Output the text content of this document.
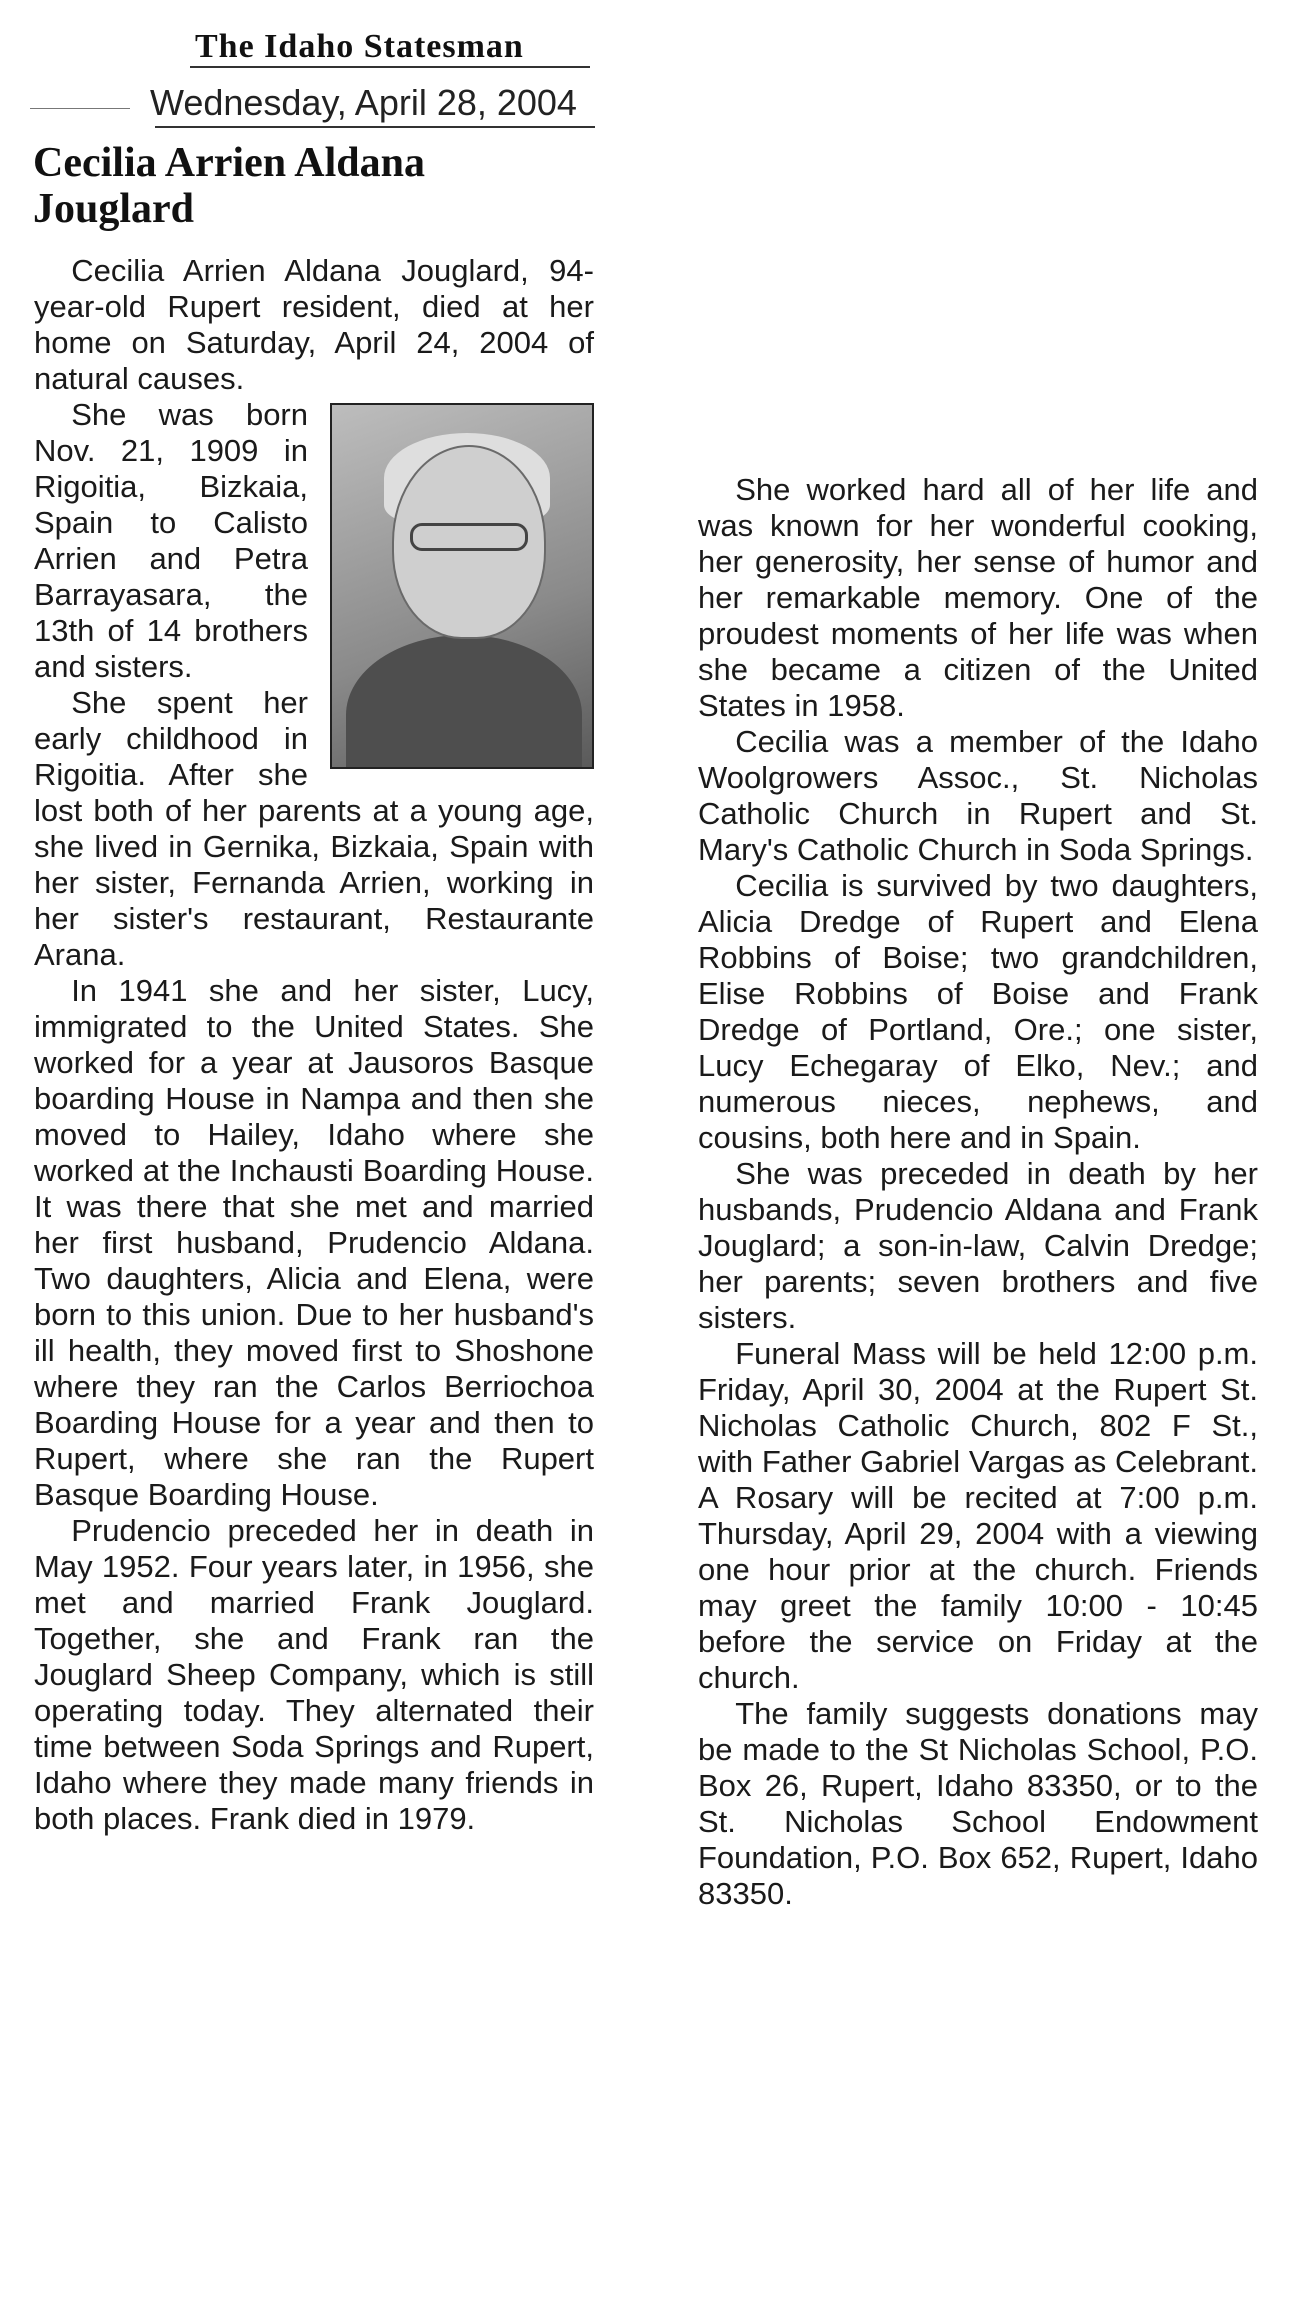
The Idaho Statesman
Wednesday, April 28, 2004
Cecilia Arrien Aldana
Jouglard

Cecilia Arrien Aldana Jouglard, 94-year-old Rupert resident, died at her home on Saturday, April 24, 2004 of natural causes.

She was born Nov. 21, 1909 in Rigoitia, Bizkaia, Spain to Calisto Arrien and Petra Barrayasara, the 13th of 14 brothers and sisters.

She spent her early childhood in Rigoitia. After she lost both of her parents at a young age, she lived in Gernika, Bizkaia, Spain with her sister, Fernanda Arrien, working in her sister's restaurant, Restaurante Arana.

In 1941 she and her sister, Lucy, immigrated to the United States. She worked for a year at Jausoros Basque boarding House in Nampa and then she moved to Hailey, Idaho where she worked at the Inchausti Boarding House. It was there that she met and married her first husband, Prudencio Aldana. Two daughters, Alicia and Elena, were born to this union. Due to her husband's ill health, they moved first to Shoshone where they ran the Carlos Berriochoa Boarding House for a year and then to Rupert, where she ran the Rupert Basque Boarding House.

Prudencio preceded her in death in May 1952. Four years later, in 1956, she met and married Frank Jouglard. Together, she and Frank ran the Jouglard Sheep Company, which is still operating today. They alternated their time between Soda Springs and Rupert, Idaho where they made many friends in both places. Frank died in 1979.

She worked hard all of her life and was known for her wonderful cooking, her generosity, her sense of humor and her remarkable memory. One of the proudest moments of her life was when she became a citizen of the United States in 1958.

Cecilia was a member of the Idaho Woolgrowers Assoc., St. Nicholas Catholic Church in Rupert and St. Mary's Catholic Church in Soda Springs.

Cecilia is survived by two daughters, Alicia Dredge of Rupert and Elena Robbins of Boise; two grandchildren, Elise Robbins of Boise and Frank Dredge of Portland, Ore.; one sister, Lucy Echegaray of Elko, Nev.; and numerous nieces, nephews, and cousins, both here and in Spain.

She was preceded in death by her husbands, Prudencio Aldana and Frank Jouglard; a son-in-law, Calvin Dredge; her parents; seven brothers and five sisters.

Funeral Mass will be held 12:00 p.m. Friday, April 30, 2004 at the Rupert St. Nicholas Catholic Church, 802 F St., with Father Gabriel Vargas as Celebrant. A Rosary will be recited at 7:00 p.m. Thursday, April 29, 2004 with a viewing one hour prior at the church. Friends may greet the family 10:00 - 10:45 before the service on Friday at the church.

The family suggests donations may be made to the St Nicholas School, P.O. Box 26, Rupert, Idaho 83350, or to the St. Nicholas School Endowment Foundation, P.O. Box 652, Rupert, Idaho 83350.
